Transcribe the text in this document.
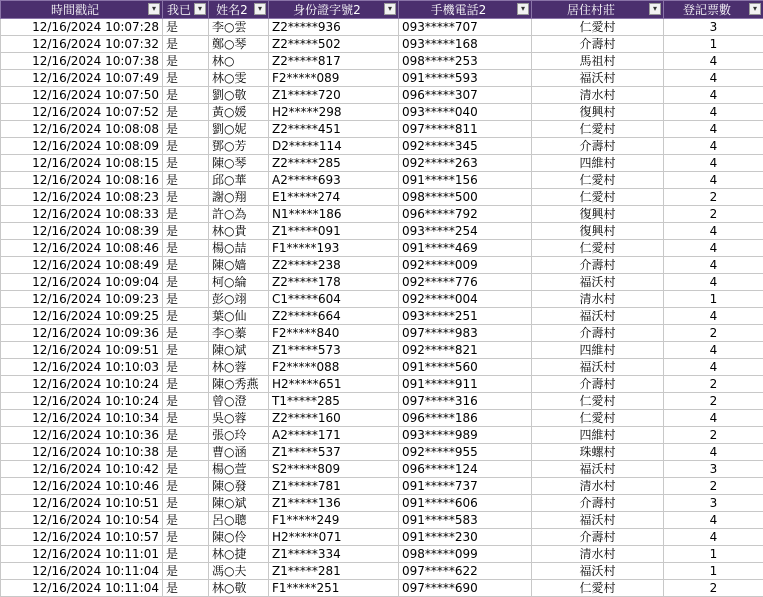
時間戳記 ▾	我已 ▾	姓名2 ▾	身份證字號2 ▾	手機電話2 ▾	居住村莊 ▾	登記票數 ▾

12/16/2024 10:07:28	是	李○雲	Z2*****936	093*****707	仁愛村	3
12/16/2024 10:07:32	是	鄭○琴	Z2*****502	093*****168	介壽村	1
12/16/2024 10:07:38	是	林○	Z2*****817	098*****253	馬祖村	4
12/16/2024 10:07:49	是	林○雯	F2*****089	091*****593	福沃村	4
12/16/2024 10:07:50	是	劉○敬	Z1*****720	096*****307	清水村	4
12/16/2024 10:07:52	是	黃○媛	H2*****298	093*****040	復興村	4
12/16/2024 10:08:08	是	劉○妮	Z2*****451	097*****811	仁愛村	4
12/16/2024 10:08:09	是	鄧○芳	D2*****114	092*****345	介壽村	4
12/16/2024 10:08:15	是	陳○琴	Z2*****285	092*****263	四維村	4
12/16/2024 10:08:16	是	邱○華	A2*****693	091*****156	仁愛村	4
12/16/2024 10:08:23	是	謝○翔	E1*****274	098*****500	仁愛村	2
12/16/2024 10:08:33	是	許○為	N1*****186	096*****792	復興村	2
12/16/2024 10:08:39	是	林○貴	Z1*****091	093*****254	復興村	4
12/16/2024 10:08:46	是	楊○喆	F1*****193	091*****469	仁愛村	4
12/16/2024 10:08:49	是	陳○嫱	Z2*****238	092*****009	介壽村	4
12/16/2024 10:09:04	是	柯○綸	Z2*****178	092*****776	福沃村	4
12/16/2024 10:09:23	是	彭○翊	C1*****604	092*****004	清水村	1
12/16/2024 10:09:25	是	葉○仙	Z2*****664	093*****251	福沃村	4
12/16/2024 10:09:36	是	李○蓁	F2*****840	097*****983	介壽村	2
12/16/2024 10:09:51	是	陳○斌	Z1*****573	092*****821	四維村	4
12/16/2024 10:10:03	是	林○蓉	F2*****088	091*****560	福沃村	4
12/16/2024 10:10:24	是	陳○秀燕	H2*****651	091*****911	介壽村	2
12/16/2024 10:10:24	是	曾○澄	T1*****285	097*****316	仁愛村	2
12/16/2024 10:10:34	是	吳○蓉	Z2*****160	096*****186	仁愛村	4
12/16/2024 10:10:36	是	張○玲	A2*****171	093*****989	四維村	2
12/16/2024 10:10:38	是	曹○涵	Z1*****537	092*****955	珠螺村	4
12/16/2024 10:10:42	是	楊○萱	S2*****809	096*****124	福沃村	3
12/16/2024 10:10:46	是	陳○發	Z1*****781	091*****737	清水村	2
12/16/2024 10:10:51	是	陳○斌	Z1*****136	091*****606	介壽村	3
12/16/2024 10:10:54	是	呂○聰	F1*****249	091*****583	福沃村	4
12/16/2024 10:10:57	是	陳○伶	H2*****071	091*****230	介壽村	4
12/16/2024 10:11:01	是	林○捷	Z1*****334	098*****099	清水村	1
12/16/2024 10:11:04	是	馮○夫	Z1*****281	097*****622	福沃村	1
12/16/2024 10:11:04	是	林○敬	F1*****251	097*****690	仁愛村	2
